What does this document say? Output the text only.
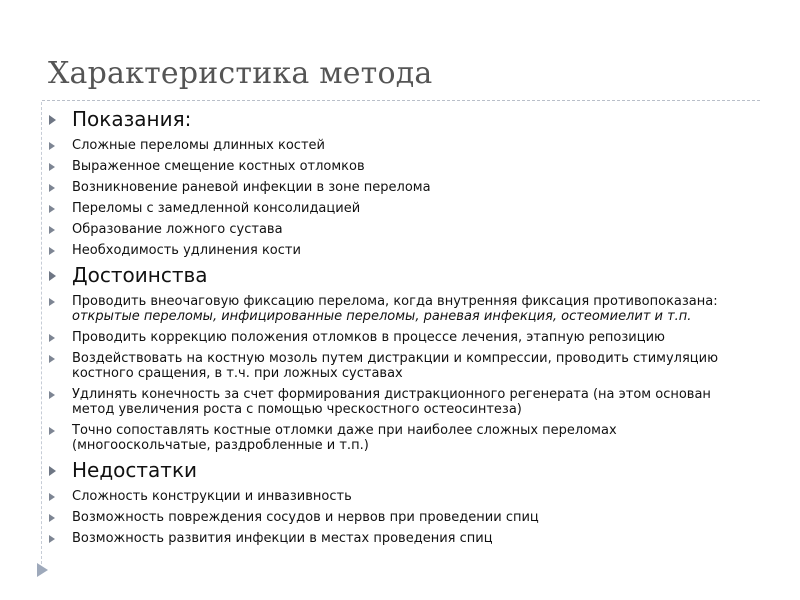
Характеристика метода
Показания:
Сложные переломы длинных костей
Выраженное смещение костных отломков
Возникновение раневой инфекции в зоне перелома
Переломы с замедленной консолидацией
Образование ложного сустава
Необходимость удлинения кости
Достоинства
Проводить внеочаговую фиксацию перелома, когда внутренняя фиксация противопоказана: открытые переломы, инфицированные переломы, раневая инфекция, остеомиелит и т.п.
Проводить коррекцию положения отломков в процессе лечения, этапную репозицию
Воздействовать на костную мозоль путем дистракции и компрессии, проводить стимуляцию костного сращения, в т.ч. при ложных суставах
Удлинять конечность за счет формирования дистракционного регенерата (на этом основан метод увеличения роста с помощью чрескостного остеосинтеза)
Точно сопоставлять костные отломки даже при наиболее сложных переломах (многооскольчатые, раздробленные и т.п.)
Недостатки
Сложность конструкции и инвазивность
Возможность повреждения сосудов и нервов при проведении спиц
Возможность развития инфекции в местах проведения спиц
